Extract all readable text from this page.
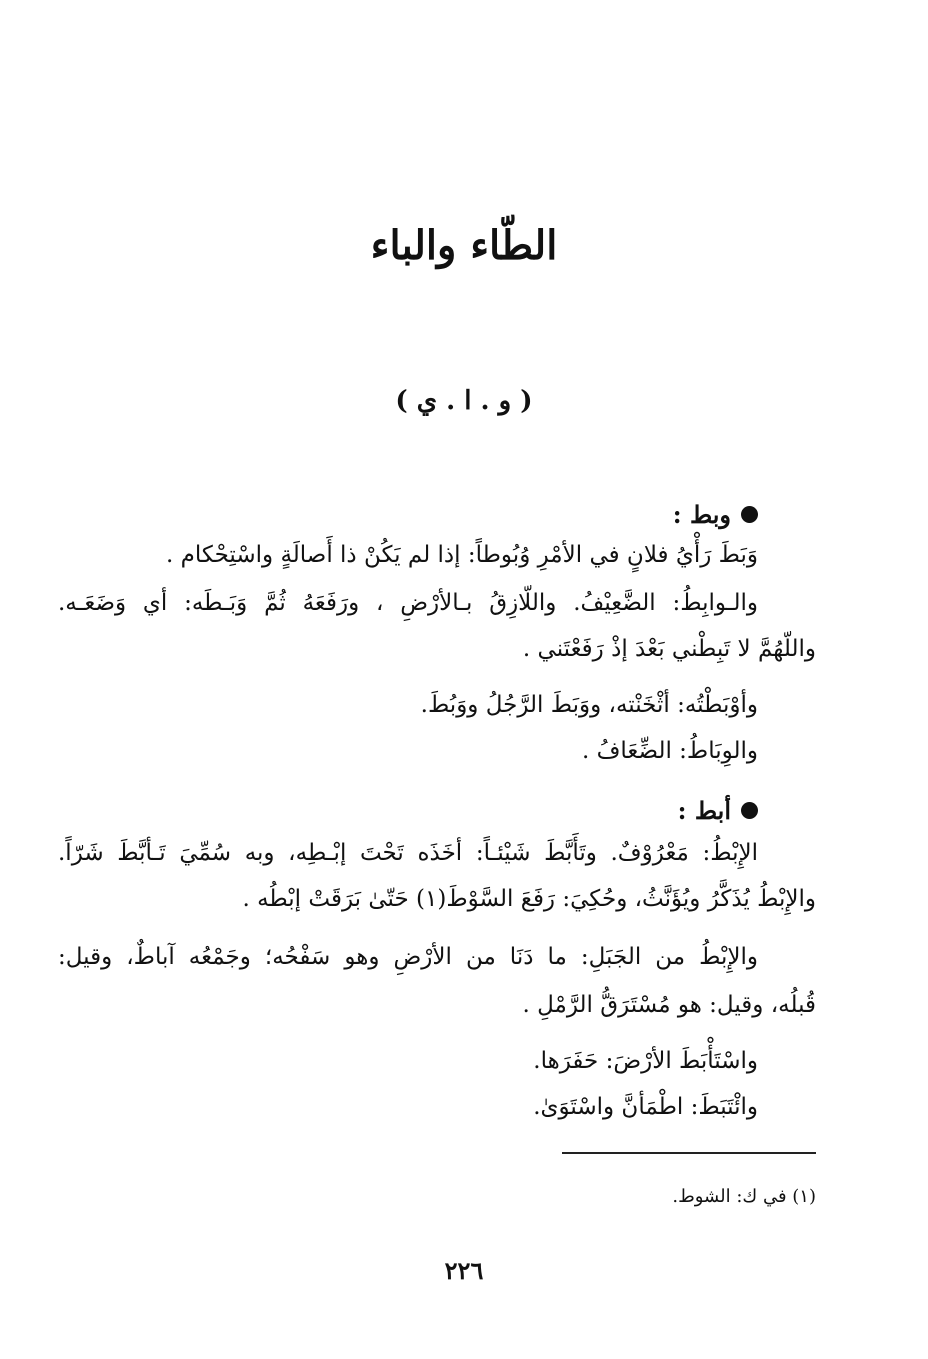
الطّاء والباء
( و . ا . ي )
وبط :
وَبَطَ رَأْيُ فلانٍ في الأمْرِ وُبُوطاً: إذا لم يَكُنْ ذا أَصالَةٍ واسْتِحْكام .
والـوابِطُ: الضَّعِيْفُ. واللّازِقُ بـالأرْضِ ، ورَفَعَهُ ثُمَّ وَبَـطَه: أي وَضَعَـه.
واللّهُمَّ لا تَبِطْني بَعْدَ إذْ رَفَعْتَني .
وأوْبَطْتُه: أثْخَنْته، ووَبَطَ الرَّجُلُ ووَبُطَ.
والوِبَاطُ: الضِّعَافُ .
أبط :
الإِبْطُ: مَعْرُوْفٌ. وتَأَبَّطَ شَيْئـاً: أخَذَه تَحْتَ إبْـطِه، وبه سُمِّيَ تَـأبَّطَ شَرّاً.
والإِبْطُ يُذَكَّرُ ويُؤَنَّثُ، وحُكِيَ: رَفَعَ السَّوْطَ(١) حَتّىٰ بَرَقَتْ إبْطُه .
والإِبْطُ من الجَبَلِ: ما دَنَا من الأرْضِ وهو سَفْحُه؛ وجَمْعُه آباطٌ، وقيل:
قُبلُه، وقيل: هو مُسْتَرَقُّ الرَّمْلِ .
واسْتَأْبَطَ الأرْضَ: حَفَرَها.
وائْتَبَطَ: اطْمَأنَّ واسْتَوَىٰ.
(١) في ك: الشوط.
٢٢٦
